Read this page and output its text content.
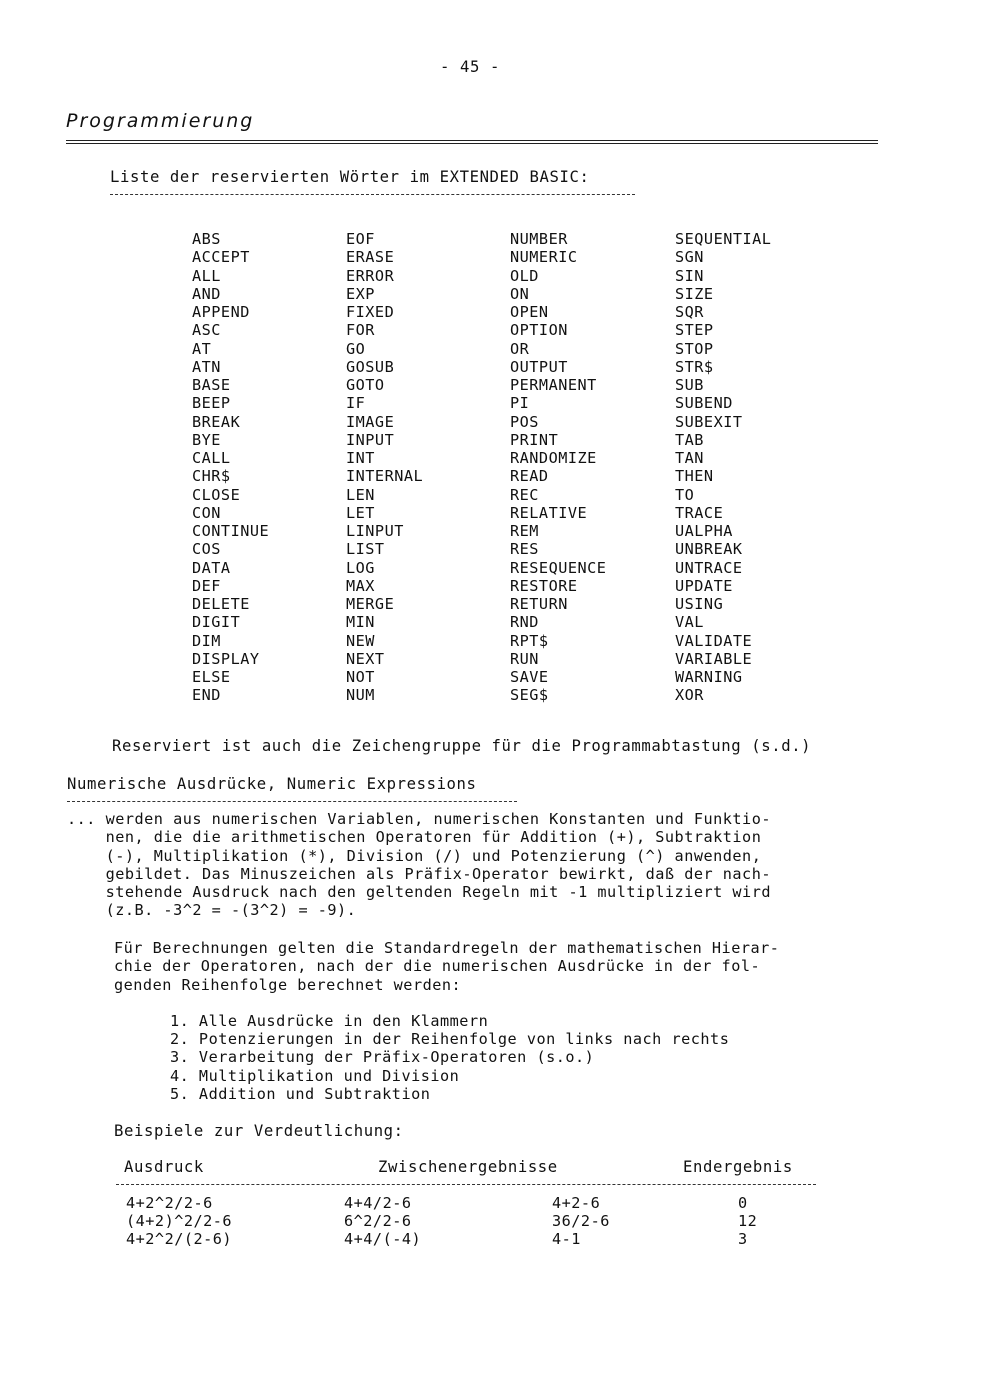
- 45 -
Programmierung
Liste der reservierten Wörter im EXTENDED BASIC:
ABS
ACCEPT
ALL
AND
APPEND
ASC
AT
ATN
BASE
BEEP
BREAK
BYE
CALL
CHR$
CLOSE
CON
CONTINUE
COS
DATA
DEF
DELETE
DIGIT
DIM
DISPLAY
ELSE
END
EOF
ERASE
ERROR
EXP
FIXED
FOR
GO
GOSUB
GOTO
IF
IMAGE
INPUT
INT
INTERNAL
LEN
LET
LINPUT
LIST
LOG
MAX
MERGE
MIN
NEW
NEXT
NOT
NUM
NUMBER
NUMERIC
OLD
ON
OPEN
OPTION
OR
OUTPUT
PERMANENT
PI
POS
PRINT
RANDOMIZE
READ
REC
RELATIVE
REM
RES
RESEQUENCE
RESTORE
RETURN
RND
RPT$
RUN
SAVE
SEG$
SEQUENTIAL
SGN
SIN
SIZE
SQR
STEP
STOP
STR$
SUB
SUBEND
SUBEXIT
TAB
TAN
THEN
TO
TRACE
UALPHA
UNBREAK
UNTRACE
UPDATE
USING
VAL
VALIDATE
VARIABLE
WARNING
XOR
Reserviert ist auch die Zeichengruppe für die Programmabtastung (s.d.)
Numerische Ausdrücke, Numeric Expressions
... werden aus numerischen Variablen, numerischen Konstanten und Funktio-
nen, die die arithmetischen Operatoren für Addition (+), Subtraktion
(-), Multiplikation (*), Division (/) und Potenzierung (^) anwenden,
gebildet. Das Minuszeichen als Präfix-Operator bewirkt, daß der nach-
stehende Ausdruck nach den geltenden Regeln mit -1 multipliziert wird
(z.B. -3^2 = -(3^2) = -9).
Für Berechnungen gelten die Standardregeln der mathematischen Hierar-
chie der Operatoren, nach der die numerischen Ausdrücke in der fol-
genden Reihenfolge berechnet werden:
1. Alle Ausdrücke in den Klammern
2. Potenzierungen in der Reihenfolge von links nach rechts
3. Verarbeitung der Präfix-Operatoren (s.o.)
4. Multiplikation und Division
5. Addition und Subtraktion
Beispiele zur Verdeutlichung:
Ausdruck	Zwischenergebnisse	Endergebnis
4+2^2/2-6
(4+2)^2/2-6
4+2^2/(2-6)
4+4/2-6
6^2/2-6
4+4/(-4)
4+2-6
36/2-6
4-1
0
12
3
